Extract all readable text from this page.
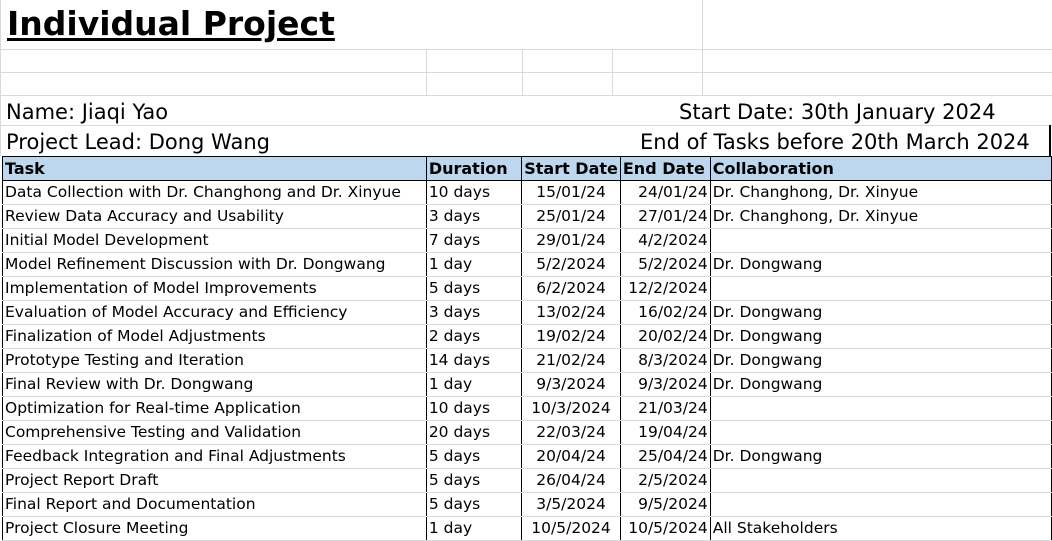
Individual Project
Name: Jiaqi Yao
Project Lead: Dong Wang
Start Date: 30th January 2024
End of Tasks before 20th March 2024
Task	Duration	Start Date	End Date	Collaboration
Data Collection with Dr. Changhong and Dr. Xinyue	10 days	15/01/24	24/01/24	Dr. Changhong, Dr. Xinyue
Review Data Accuracy and Usability	3 days	25/01/24	27/01/24	Dr. Changhong, Dr. Xinyue
Initial Model Development	7 days	29/01/24	4/2/2024	
Model Refinement Discussion with Dr. Dongwang	1 day	5/2/2024	5/2/2024	Dr. Dongwang
Implementation of Model Improvements	5 days	6/2/2024	12/2/2024	
Evaluation of Model Accuracy and Efficiency	3 days	13/02/24	16/02/24	Dr. Dongwang
Finalization of Model Adjustments	2 days	19/02/24	20/02/24	Dr. Dongwang
Prototype Testing and Iteration	14 days	21/02/24	8/3/2024	Dr. Dongwang
Final Review with Dr. Dongwang	1 day	9/3/2024	9/3/2024	Dr. Dongwang
Optimization for Real-time Application	10 days	10/3/2024	21/03/24	
Comprehensive Testing and Validation	20 days	22/03/24	19/04/24	
Feedback Integration and Final Adjustments	5 days	20/04/24	25/04/24	Dr. Dongwang
Project Report Draft	5 days	26/04/24	2/5/2024	
Final Report and Documentation	5 days	3/5/2024	9/5/2024	
Project Closure Meeting	1 day	10/5/2024	10/5/2024	All Stakeholders
